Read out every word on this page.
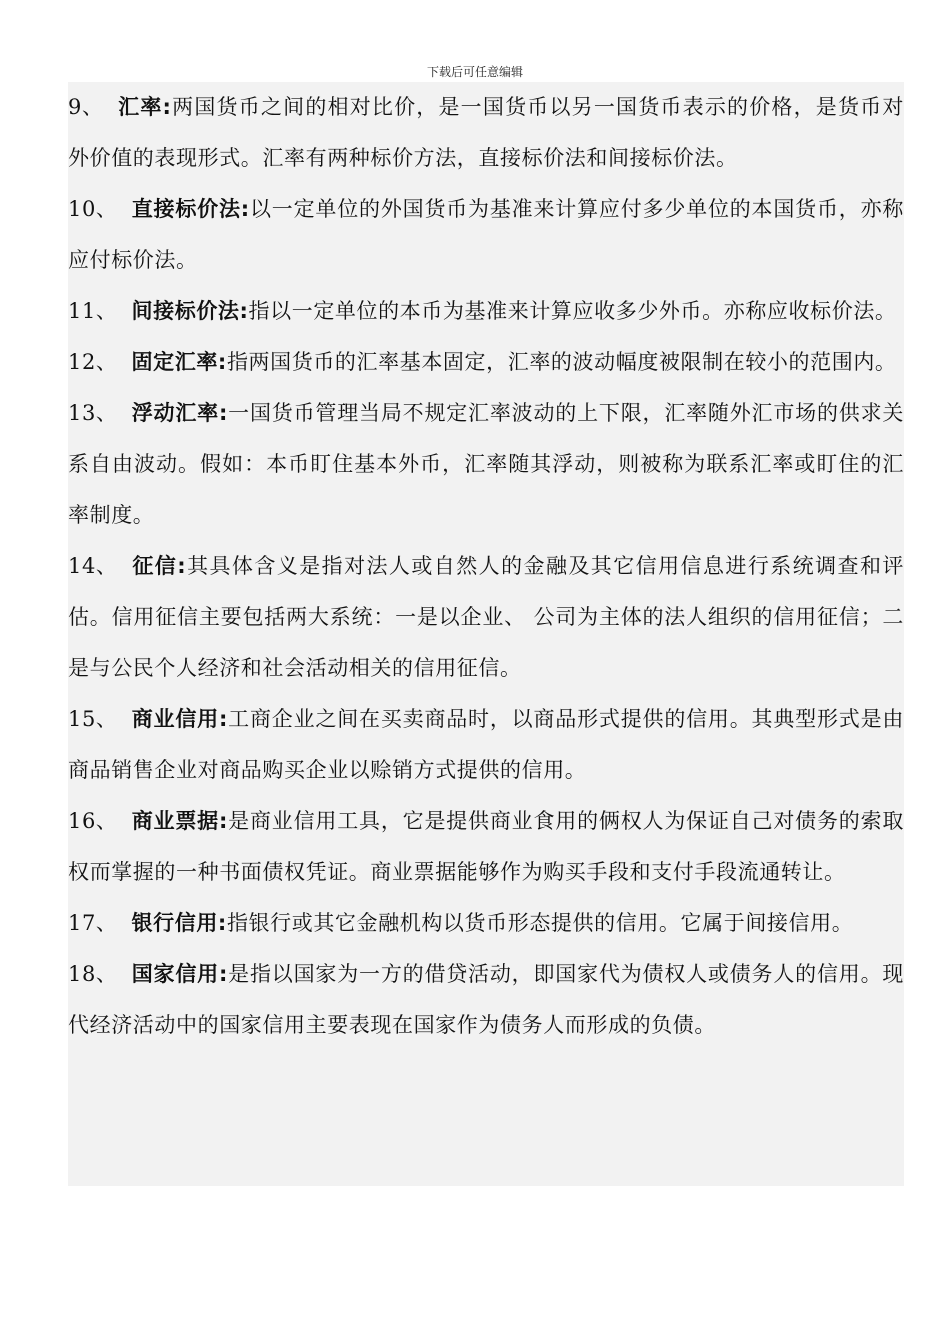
下载后可任意编辑

9、 汇率:两国货币之间的相对比价，是一国货币以另一国货币表示的价格，是货币对外价值的表现形式。汇率有两种标价方法，直接标价法和间接标价法。

10、 直接标价法:以一定单位的外国货币为基准来计算应付多少单位的本国货币，亦称应付标价法。

11、 间接标价法:指以一定单位的本币为基准来计算应收多少外币。亦称应收标价法。

12、 固定汇率:指两国货币的汇率基本固定，汇率的波动幅度被限制在较小的范围内。

13、 浮动汇率:一国货币管理当局不规定汇率波动的上下限，汇率随外汇市场的供求关系自由波动。假如：本币盯住基本外币，汇率随其浮动，则被称为联系汇率或盯住的汇率制度。

14、 征信:其具体含义是指对法人或自然人的金融及其它信用信息进行系统调查和评估。信用征信主要包括两大系统：一是以企业、 公司为主体的法人组织的信用征信；二是与公民个人经济和社会活动相关的信用征信。

15、 商业信用:工商企业之间在买卖商品时，以商品形式提供的信用。其典型形式是由商品销售企业对商品购买企业以赊销方式提供的信用。

16、 商业票据:是商业信用工具，它是提供商业食用的俩权人为保证自己对债务的索取权而掌握的一种书面债权凭证。商业票据能够作为购买手段和支付手段流通转让。

17、 银行信用:指银行或其它金融机构以货币形态提供的信用。它属于间接信用。

18、 国家信用:是指以国家为一方的借贷活动，即国家代为债权人或债务人的信用。现代经济活动中的国家信用主要表现在国家作为债务人而形成的负债。
